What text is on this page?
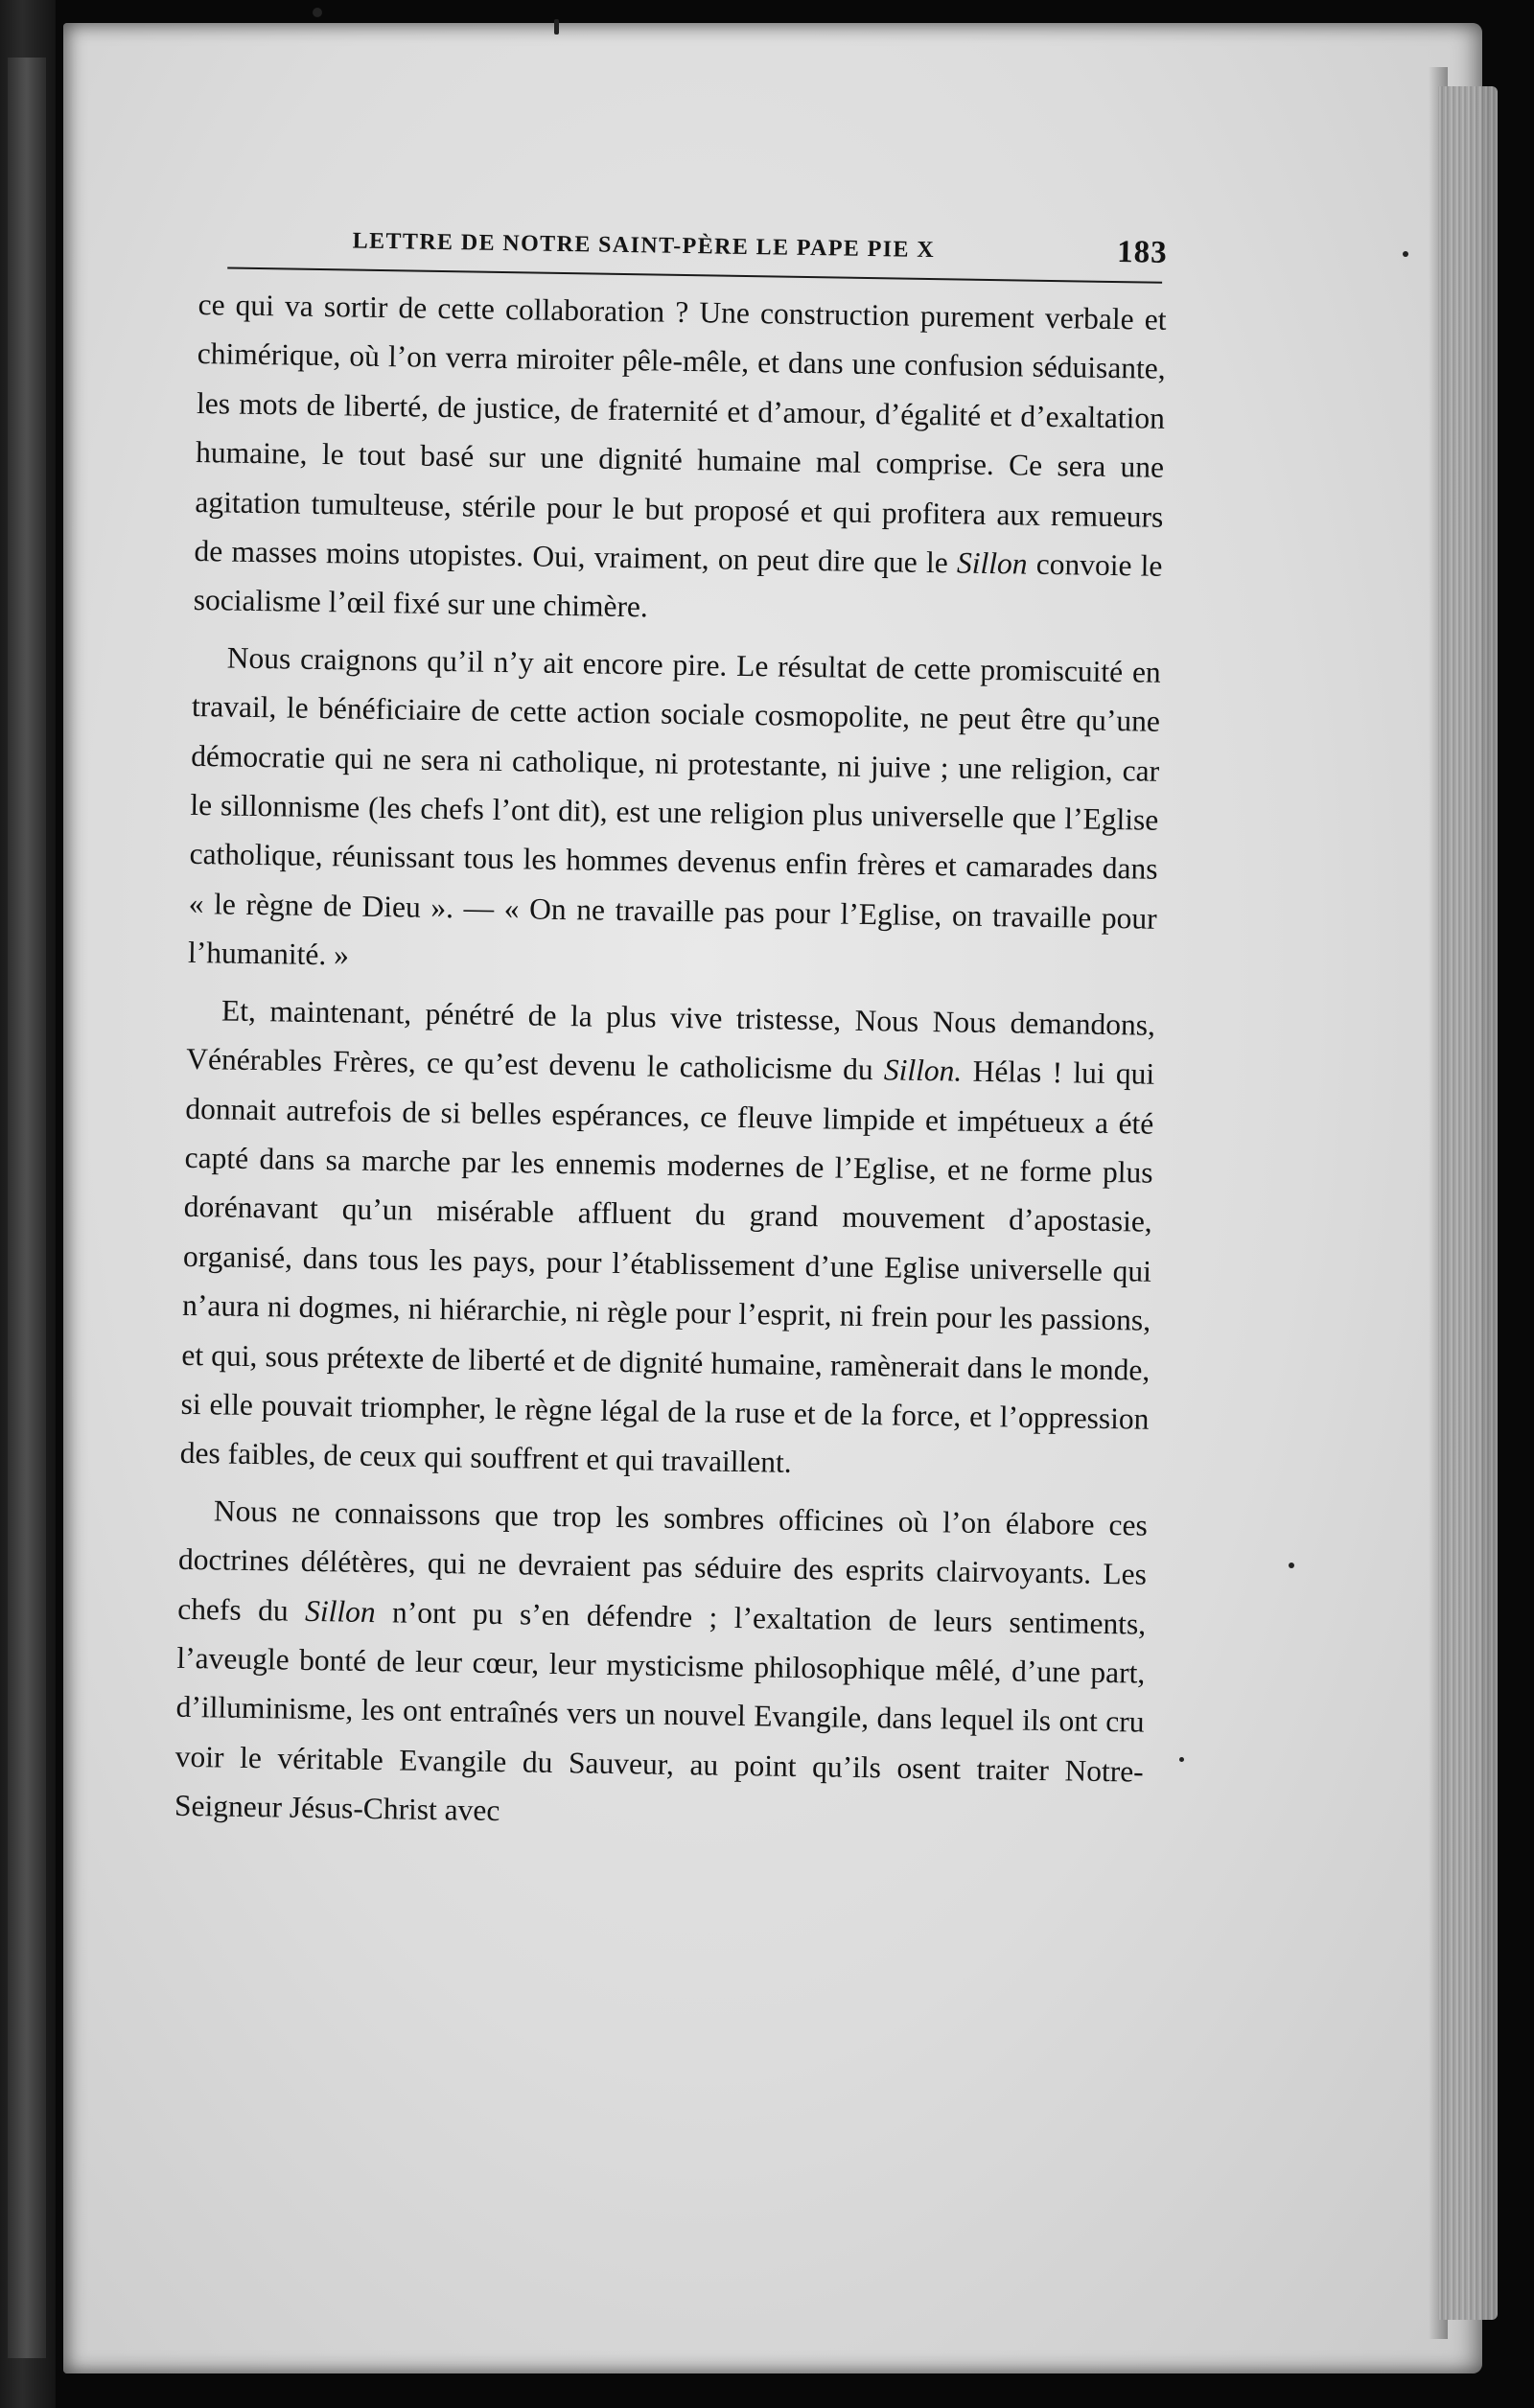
LETTRE DE NOTRE SAINT-PÈRE LE PAPE PIE X	183

ce qui va sortir de cette collaboration ? Une construction purement verbale et chimérique, où l’on verra miroiter pêle-mêle, et dans une confusion séduisante, les mots de liberté, de justice, de fraternité et d’amour, d’égalité et d’exaltation humaine, le tout basé sur une dignité humaine mal comprise. Ce sera une agitation tumulteuse, stérile pour le but proposé et qui profitera aux remueurs de masses moins utopistes. Oui, vraiment, on peut dire que le Sillon convoie le socialisme l’œil fixé sur une chimère.

Nous craignons qu’il n’y ait encore pire. Le résultat de cette promiscuité en travail, le bénéficiaire de cette action sociale cosmopolite, ne peut être qu’une démocratie qui ne sera ni catholique, ni protestante, ni juive ; une religion, car le sillonnisme (les chefs l’ont dit), est une religion plus universelle que l’Eglise catholique, réunissant tous les hommes devenus enfin frères et camarades dans « le règne de Dieu ». — « On ne travaille pas pour l’Eglise, on travaille pour l’humanité. »

Et, maintenant, pénétré de la plus vive tristesse, Nous Nous demandons, Vénérables Frères, ce qu’est devenu le catholicisme du Sillon. Hélas ! lui qui donnait autrefois de si belles espérances, ce fleuve limpide et impétueux a été capté dans sa marche par les ennemis modernes de l’Eglise, et ne forme plus dorénavant qu’un misérable affluent du grand mouvement d’apostasie, organisé, dans tous les pays, pour l’établissement d’une Eglise universelle qui n’aura ni dogmes, ni hiérarchie, ni règle pour l’esprit, ni frein pour les passions, et qui, sous prétexte de liberté et de dignité humaine, ramènerait dans le monde, si elle pouvait triompher, le règne légal de la ruse et de la force, et l’oppression des faibles, de ceux qui souffrent et qui travaillent.

Nous ne connaissons que trop les sombres officines où l’on élabore ces doctrines délétères, qui ne devraient pas séduire des esprits clairvoyants. Les chefs du Sillon n’ont pu s’en défendre ; l’exaltation de leurs sentiments, l’aveugle bonté de leur cœur, leur mysticisme philosophique mêlé, d’une part, d’illuminisme, les ont entraînés vers un nouvel Evangile, dans lequel ils ont cru voir le véritable Evangile du Sauveur, au point qu’ils osent traiter Notre-Seigneur Jésus-Christ avec
